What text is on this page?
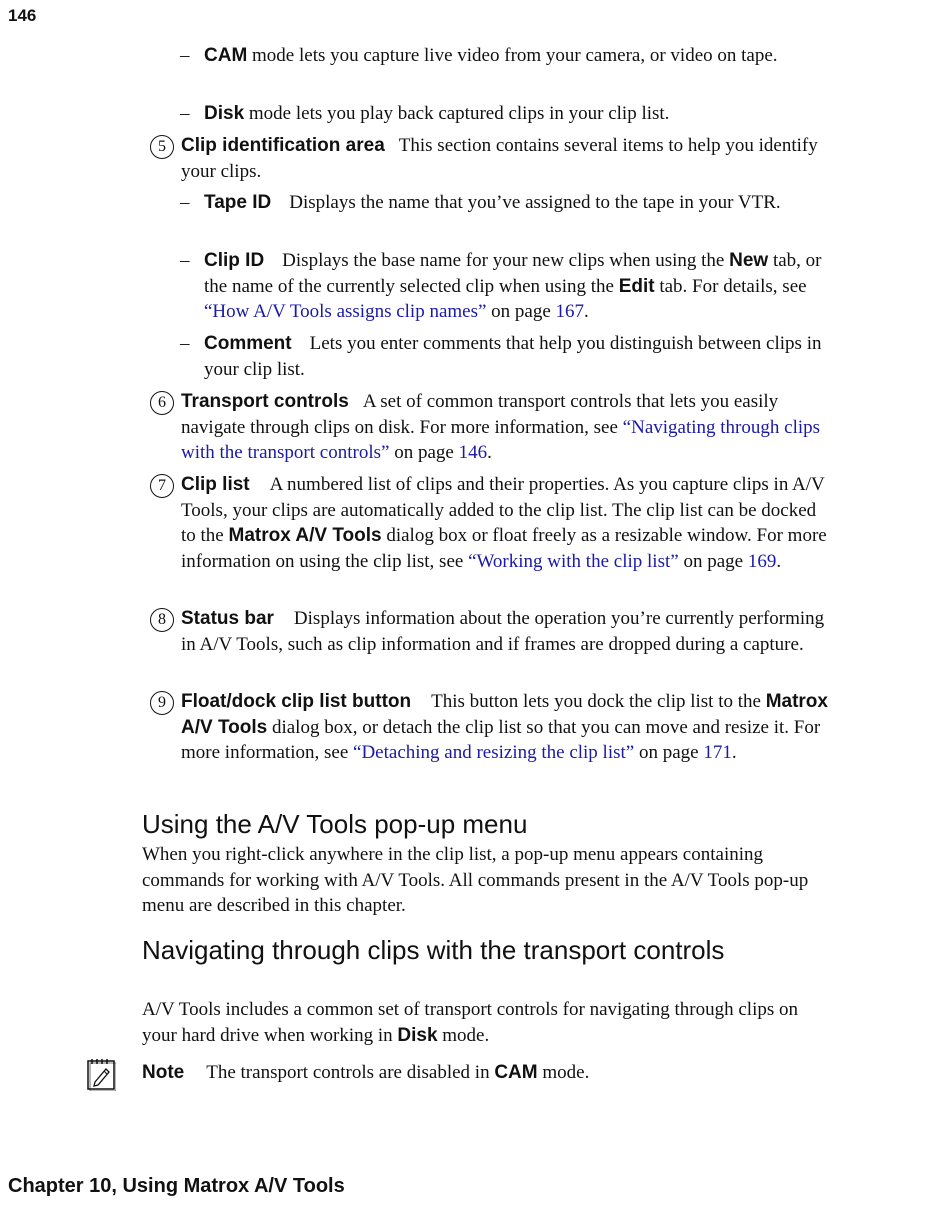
146
– CAM mode lets you capture live video from your camera, or video on tape.
– Disk mode lets you play back captured clips in your clip list.
5 Clip identification area This section contains several items to help you identify your clips.
– Tape ID Displays the name that you’ve assigned to the tape in your VTR.
– Clip ID Displays the base name for your new clips when using the New tab, or the name of the currently selected clip when using the Edit tab. For details, see “How A/V Tools assigns clip names” on page 167.
– Comment Lets you enter comments that help you distinguish between clips in your clip list.
6 Transport controls A set of common transport controls that lets you easily navigate through clips on disk. For more information, see “Navigating through clips with the transport controls” on page 146.
7 Clip list A numbered list of clips and their properties. As you capture clips in A/V Tools, your clips are automatically added to the clip list. The clip list can be docked to the Matrox A/V Tools dialog box or float freely as a resizable window. For more information on using the clip list, see “Working with the clip list” on page 169.
8 Status bar Displays information about the operation you’re currently performing in A/V Tools, such as clip information and if frames are dropped during a capture.
9 Float/dock clip list button This button lets you dock the clip list to the Matrox A/V Tools dialog box, or detach the clip list so that you can move and resize it. For more information, see “Detaching and resizing the clip list” on page 171.
Using the A/V Tools pop-up menu
When you right-click anywhere in the clip list, a pop-up menu appears containing commands for working with A/V Tools. All commands present in the A/V Tools pop-up menu are described in this chapter.
Navigating through clips with the transport controls
A/V Tools includes a common set of transport controls for navigating through clips on your hard drive when working in Disk mode.
Note The transport controls are disabled in CAM mode.
Chapter 10, Using Matrox A/V Tools
